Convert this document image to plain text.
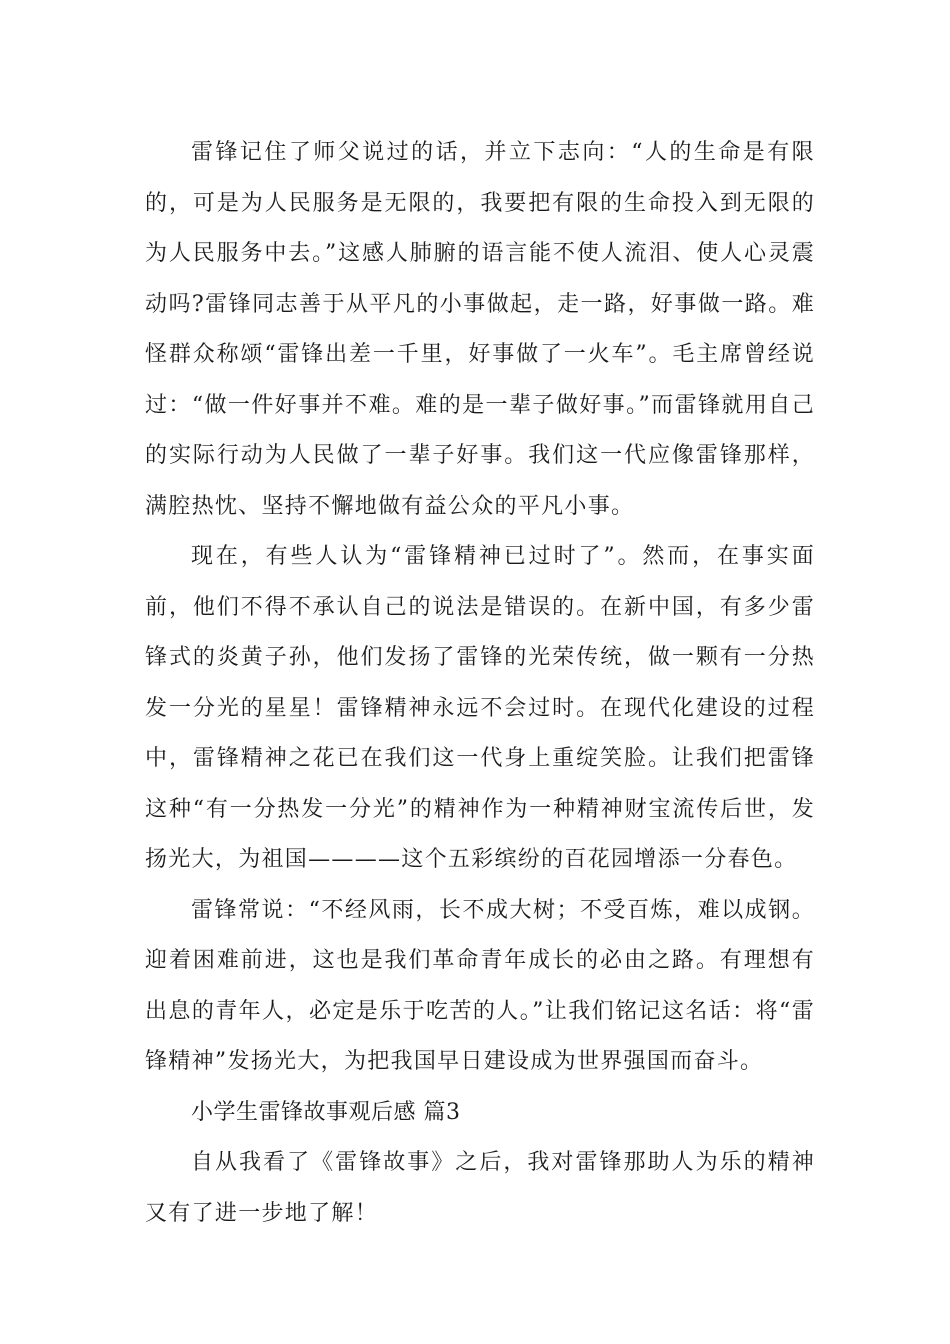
雷锋记住了师父说过的话，并立下志向：“人的生命是有限的，可是为人民服务是无限的，我要把有限的生命投入到无限的为人民服务中去。”这感人肺腑的语言能不使人流泪、使人心灵震动吗?雷锋同志善于从平凡的小事做起，走一路，好事做一路。难怪群众称颂“雷锋出差一千里，好事做了一火车”。毛主席曾经说过：“做一件好事并不难。难的是一辈子做好事。”而雷锋就用自己的实际行动为人民做了一辈子好事。我们这一代应像雷锋那样，满腔热忱、坚持不懈地做有益公众的平凡小事。

现在，有些人认为“雷锋精神已过时了”。然而，在事实面前，他们不得不承认自己的说法是错误的。在新中国，有多少雷锋式的炎黄子孙，他们发扬了雷锋的光荣传统，做一颗有一分热发一分光的星星！雷锋精神永远不会过时。在现代化建设的过程中，雷锋精神之花已在我们这一代身上重绽笑脸。让我们把雷锋这种“有一分热发一分光”的精神作为一种精神财宝流传后世，发扬光大，为祖国————这个五彩缤纷的百花园增添一分春色。

雷锋常说：“不经风雨，长不成大树；不受百炼，难以成钢。迎着困难前进，这也是我们革命青年成长的必由之路。有理想有出息的青年人，必定是乐于吃苦的人。”让我们铭记这名话：将“雷锋精神”发扬光大，为把我国早日建设成为世界强国而奋斗。

小学生雷锋故事观后感 篇3

自从我看了《雷锋故事》之后，我对雷锋那助人为乐的精神又有了进一步地了解！
